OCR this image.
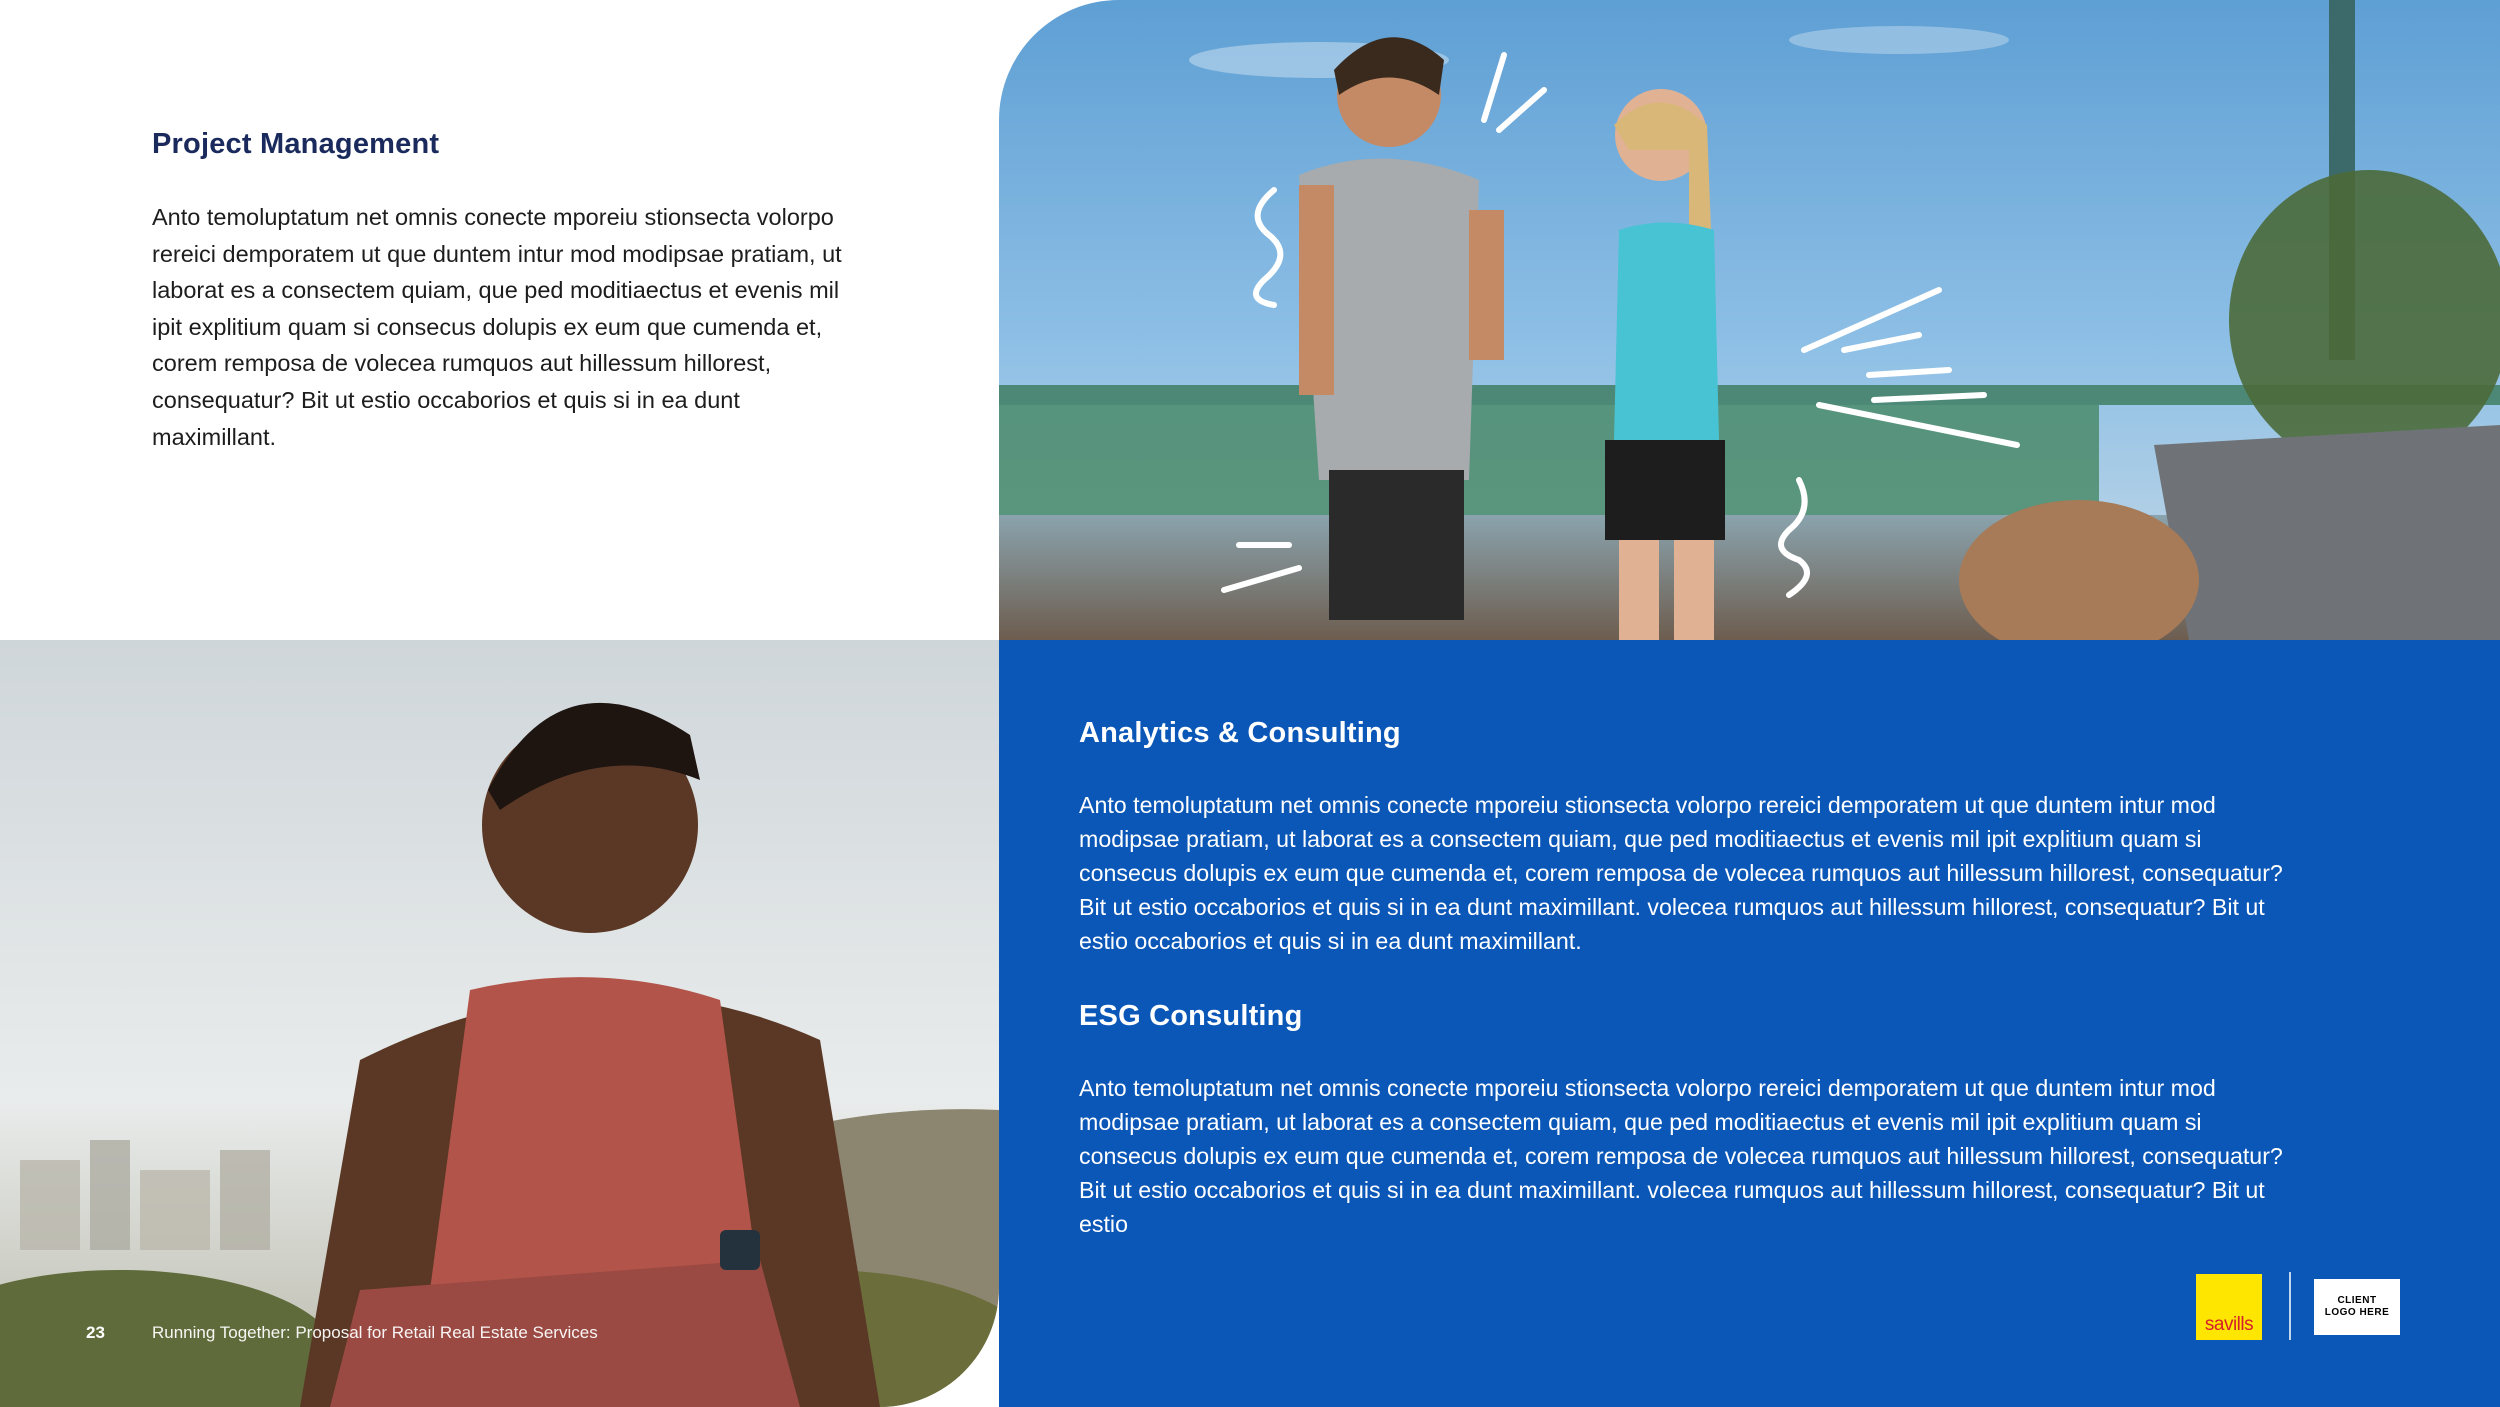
Project Management

Anto temoluptatum net omnis conecte mporeiu stionsecta volorpo rereici demporatem ut que duntem intur mod modipsae pratiam, ut laborat es a consectem quiam, que ped moditiaectus et evenis mil ipit explitium quam si consecus dolupis ex eum que cumenda et, corem remposa de volecea rumquos aut hillessum hillorest, consequatur? Bit ut estio occaborios et quis si in ea dunt maximillant.

Analytics & Consulting

Anto temoluptatum net omnis conecte mporeiu stionsecta volorpo rereici demporatem ut que duntem intur mod modipsae pratiam, ut laborat es a consectem quiam, que ped moditiaectus et evenis mil ipit explitium quam si consecus dolupis ex eum que cumenda et, corem remposa de volecea rumquos aut hillessum hillorest, consequatur? Bit ut estio occaborios et quis si in ea dunt maximillant. volecea rumquos aut hillessum hillorest, consequatur? Bit ut estio occaborios et quis si in ea dunt maximillant.

ESG Consulting

Anto temoluptatum net omnis conecte mporeiu stionsecta volorpo rereici demporatem ut que duntem intur mod modipsae pratiam, ut laborat es a consectem quiam, que ped moditiaectus et evenis mil ipit explitium quam si consecus dolupis ex eum que cumenda et, corem remposa de volecea rumquos aut hillessum hillorest, consequatur? Bit ut estio occaborios et quis si in ea dunt maximillant. volecea rumquos aut hillessum hillorest, consequatur? Bit ut estio

23	Running Together: Proposal for Retail Real Estate Services	savills
CLIENT
LOGO HERE
